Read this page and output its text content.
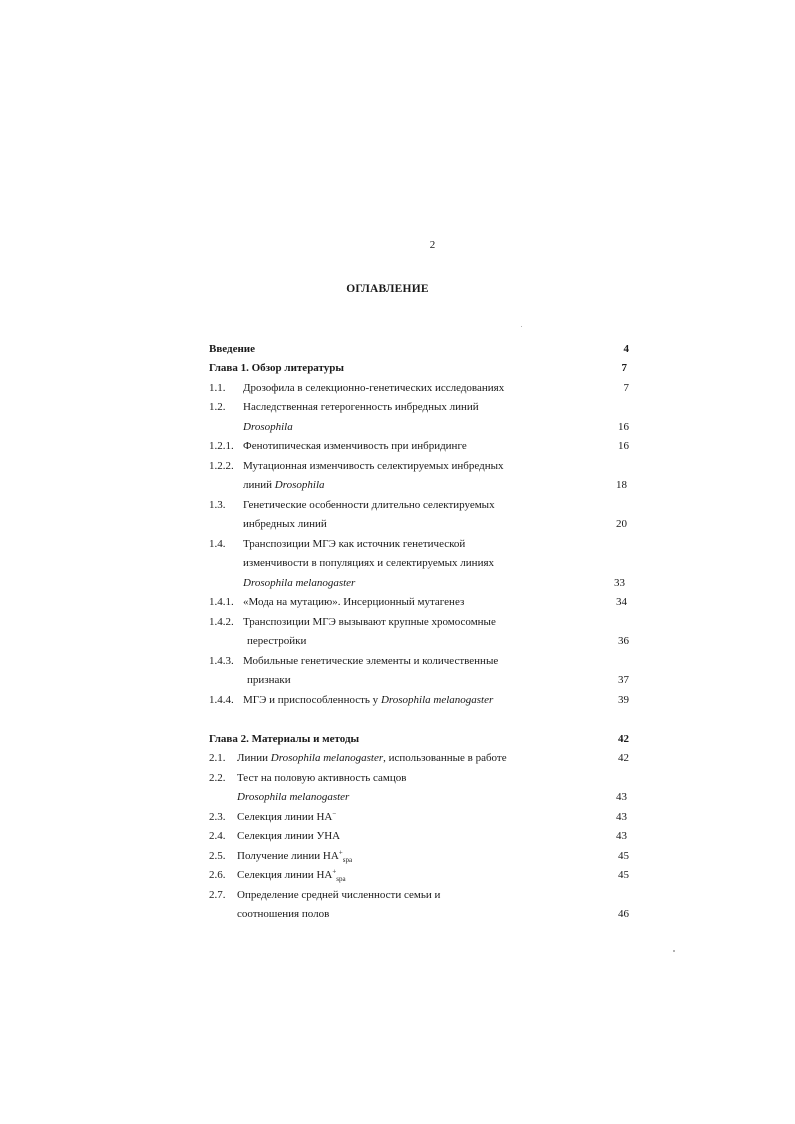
2
ОГЛАВЛЕНИЕ
Введение	4
Глава 1. Обзор литературы	7
1.1. Дрозофила в селекционно-генетических исследованиях	7
1.2. Наследственная гетерогенность инбредных линий
Drosophila	16
1.2.1. Фенотипическая изменчивость при инбридинге	16
1.2.2. Мутационная изменчивость селектируемых инбредных
линий Drosophila	18
1.3. Генетические особенности длительно селектируемых
инбредных линий	20
1.4. Транспозиции МГЭ как источник генетической
изменчивости в популяциях и селектируемых линиях
Drosophila melanogaster	33
1.4.1. «Мода на мутацию». Инсерционный мутагенез	34
1.4.2. Транспозиции МГЭ вызывают крупные хромосомные
перестройки	36
1.4.3. Мобильные генетические элементы и количественные
признаки	37
1.4.4. МГЭ и приспособленность у Drosophila melanogaster	39
Глава 2. Материалы и методы	42
2.1. Линии Drosophila melanogaster, использованные в работе	42
2.2. Тест на половую активность самцов
Drosophila melanogaster	43
2.3. Селекция линии НА−	43
2.4. Селекция линии УНА	43
2.5. Получение линии $НА^+_{spa}$	45
2.6. Селекция линии $НА^+_{spa}$	45
2.7. Определение средней численности семьи и
соотношения полов	46
